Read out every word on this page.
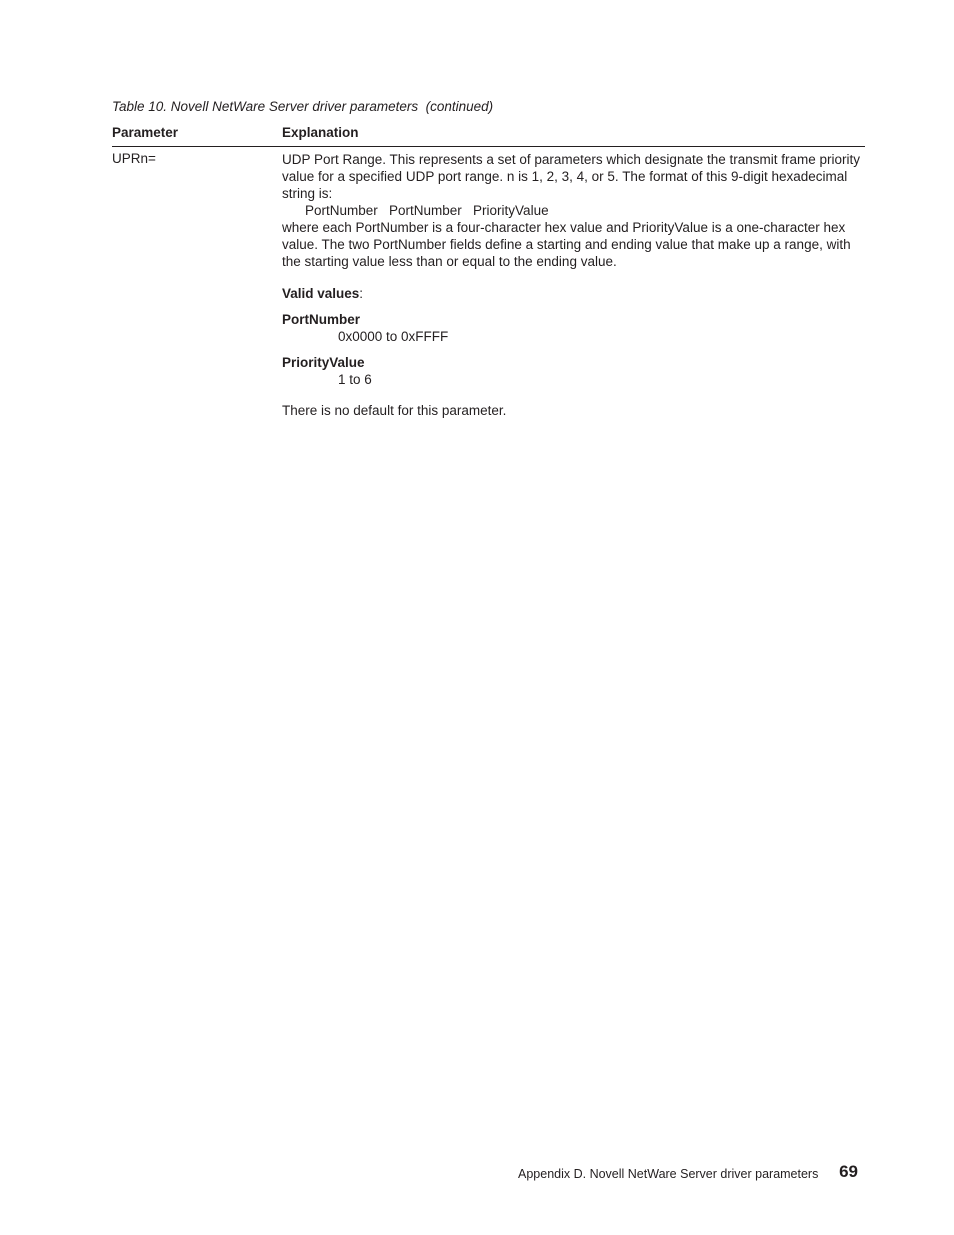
Table 10. Novell NetWare Server driver parameters  (continued)
Parameter	Explanation
UPRn=	UDP Port Range. This represents a set of parameters which designate the transmit frame priority value for a specified UDP port range. n is 1, 2, 3, 4, or 5. The format of this 9-digit hexadecimal string is:

PortNumber   PortNumber   PriorityValue

where each PortNumber is a four-character hex value and PriorityValue is a one-character hex value. The two PortNumber fields define a starting and ending value that make up a range, with the starting value less than or equal to the ending value.

Valid values:

PortNumber

0x0000 to 0xFFFF

PriorityValue

1 to 6

There is no default for this parameter.

Appendix D. Novell NetWare Server driver parameters 69
